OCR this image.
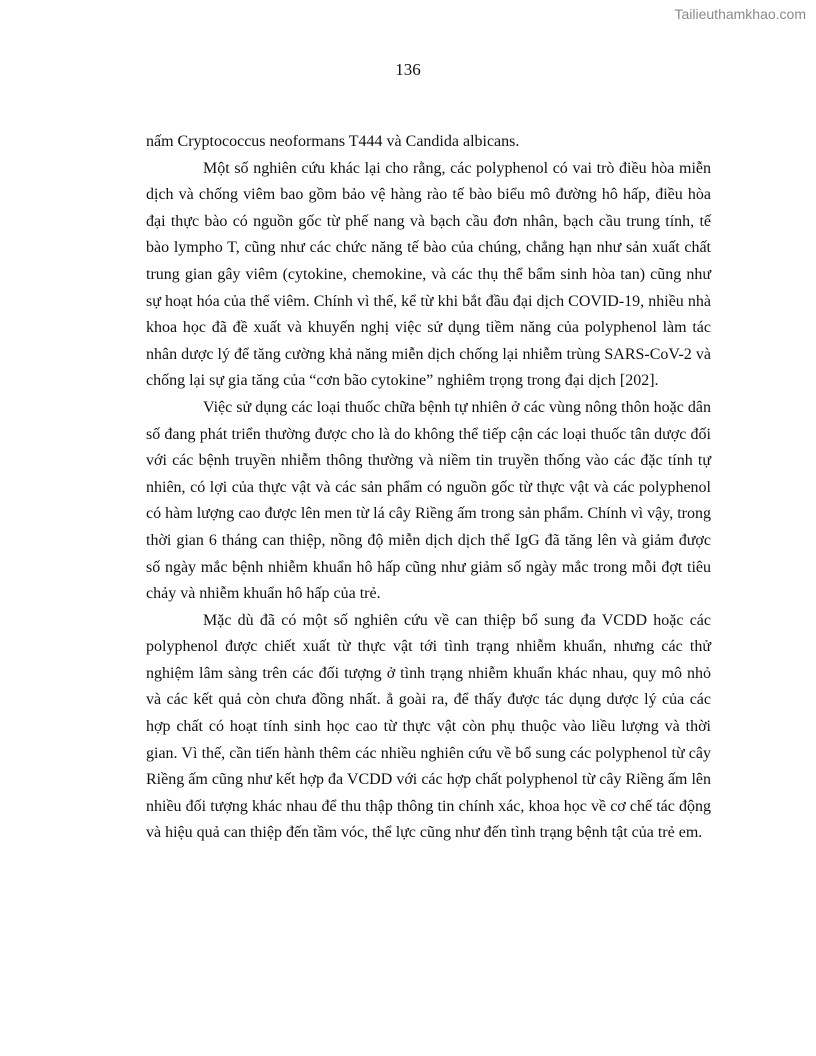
Tailieuthamkhao.com
136

nấm Cryptococcus neoformans T444 và Candida albicans.

Một số nghiên cứu khác lại cho rằng, các polyphenol có vai trò điều hòa miễn dịch và chống viêm bao gồm bảo vệ hàng rào tế bào biểu mô đường hô hấp, điều hòa đại thực bào có nguồn gốc từ phế nang và bạch cầu đơn nhân, bạch cầu trung tính, tế bào lympho T, cũng như các chức năng tế bào của chúng, chẳng hạn như sản xuất chất trung gian gây viêm (cytokine, chemokine, và các thụ thể bẩm sinh hòa tan) cũng như sự hoạt hóa của thể viêm. Chính vì thế, kể từ khi bắt đầu đại dịch COVID-19, nhiều nhà khoa học đã đề xuất và khuyến nghị việc sử dụng tiềm năng của polyphenol làm tác nhân dược lý để tăng cường khả năng miễn dịch chống lại nhiễm trùng SARS-CoV-2 và chống lại sự gia tăng của “cơn bão cytokine” nghiêm trọng trong đại dịch [202].

Việc sử dụng các loại thuốc chữa bệnh tự nhiên ở các vùng nông thôn hoặc dân số đang phát triển thường được cho là do không thể tiếp cận các loại thuốc tân dược đối với các bệnh truyền nhiễm thông thường và niềm tin truyền thống vào các đặc tính tự nhiên, có lợi của thực vật và các sản phẩm có nguồn gốc từ thực vật và các polyphenol có hàm lượng cao được lên men từ lá cây Riềng ấm trong sản phẩm. Chính vì vậy, trong thời gian 6 tháng can thiệp, nồng độ miễn dịch dịch thể IgG đã tăng lên và giảm được số ngày mắc bệnh nhiễm khuẩn hô hấp cũng như giảm số ngày mắc trong mỗi đợt tiêu chảy và nhiễm khuẩn hô hấp của trẻ.

Mặc dù đã có một số nghiên cứu về can thiệp bổ sung đa VCDD hoặc các polyphenol được chiết xuất từ thực vật tới tình trạng nhiễm khuẩn, nhưng các thử nghiệm lâm sàng trên các đối tượng ở tình trạng nhiễm khuẩn khác nhau, quy mô nhỏ và các kết quả còn chưa đồng nhất. ẳ goài ra, để thấy được tác dụng dược lý của các hợp chất có hoạt tính sinh học cao từ thực vật còn phụ thuộc vào liều lượng và thời gian. Vì thế, cần tiến hành thêm các nhiều nghiên cứu về bổ sung các polyphenol từ cây Riềng ấm cũng như kết hợp đa VCDD với các hợp chất polyphenol từ cây Riềng ấm lên nhiều đối tượng khác nhau để thu thập thông tin chính xác, khoa học về cơ chế tác động và hiệu quả can thiệp đến tầm vóc, thể lực cũng như đến tình trạng bệnh tật của trẻ em.
